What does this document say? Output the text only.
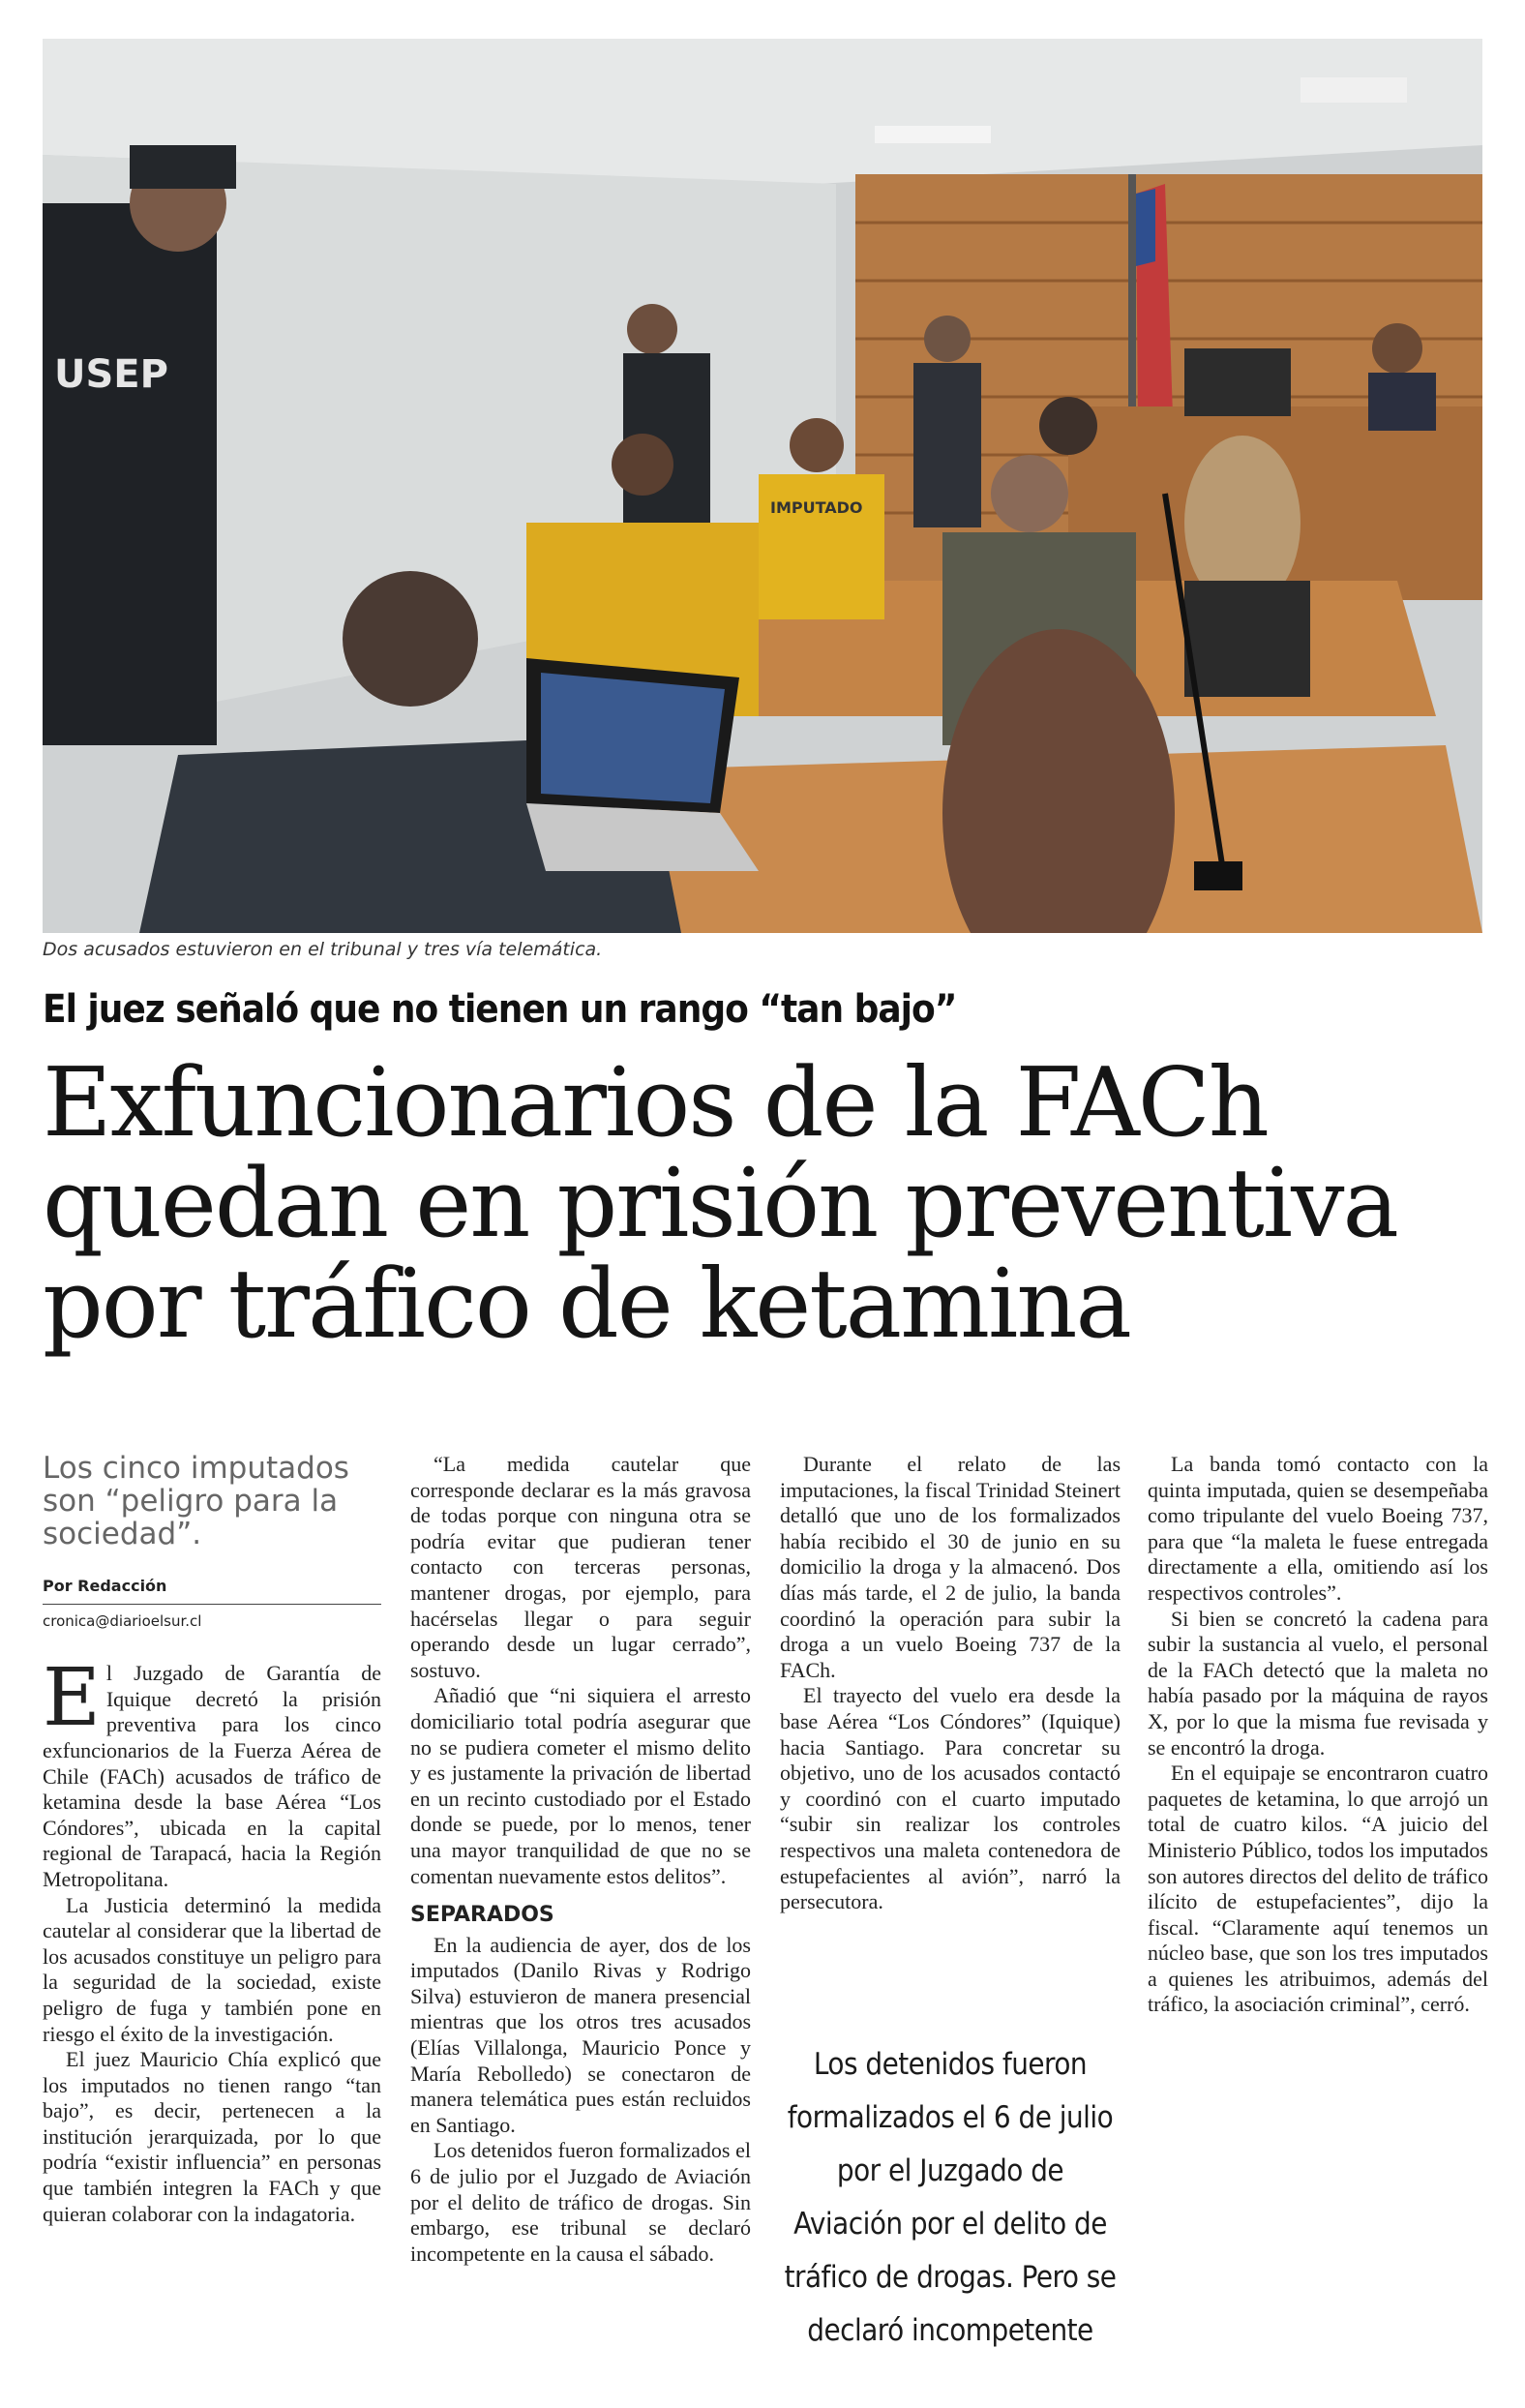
USEP
IMPUTADO
Dos acusados estuvieron en el tribunal y tres vía telemática.
El juez señaló que no tienen un rango “tan bajo”
Exfuncionarios de la FACh
quedan en prisión preventiva
por tráfico de ketamina
Los cinco imputados son “peligro para la sociedad”.
Por Redacción
cronica@diarioelsur.cl

El Juzgado de Garantía de Iquique decretó la prisión preventiva para los cinco exfuncionarios de la Fuerza Aérea de Chile (FACh) acusados de tráfico de ketamina desde la base Aérea “Los Cóndores”, ubicada en la capital regional de Tarapacá, hacia la Región Metropolitana.

La Justicia determinó la medida cautelar al considerar que la libertad de los acusados constituye un peligro para la seguridad de la sociedad, existe peligro de fuga y también pone en riesgo el éxito de la investigación.

El juez Mauricio Chía explicó que los imputados no tienen rango “tan bajo”, es decir, pertenecen a la institución jerarquizada, por lo que podría “existir influencia” en personas que también integren la FACh y que quieran colaborar con la indagatoria.

“La medida cautelar que corresponde declarar es la más gravosa de todas porque con ninguna otra se podría evitar que pudieran tener contacto con terceras personas, mantener drogas, por ejemplo, para hacérselas llegar o para seguir operando desde un lugar cerrado”, sostuvo.

Añadió que “ni siquiera el arresto domiciliario total podría asegurar que no se pudiera cometer el mismo delito y es justamente la privación de libertad en un recinto custodiado por el Estado donde se puede, por lo menos, tener una mayor tranquilidad de que no se comentan nuevamente estos delitos”.

SEPARADOS

En la audiencia de ayer, dos de los imputados (Danilo Rivas y Rodrigo Silva) estuvieron de manera presencial mientras que los otros tres acusados (Elías Villalonga, Mauricio Ponce y María Rebolledo) se conectaron de manera telemática pues están recluidos en Santiago.

Los detenidos fueron formalizados el 6 de julio por el Juzgado de Aviación por el delito de tráfico de drogas. Sin embargo, ese tribunal se declaró incompetente en la causa el sábado.

Durante el relato de las imputaciones, la fiscal Trinidad Steinert detalló que uno de los formalizados había recibido el 30 de junio en su domicilio la droga y la almacenó. Dos días más tarde, el 2 de julio, la banda coordinó la operación para subir la droga a un vuelo Boeing 737 de la FACh.

El trayecto del vuelo era desde la base Aérea “Los Cóndores” (Iquique) hacia Santiago. Para concretar su objetivo, uno de los acusados contactó y coordinó con el cuarto imputado “subir sin realizar los controles respectivos una maleta contenedora de estupefacientes al avión”, narró la persecutora.

La banda tomó contacto con la quinta imputada, quien se desempeñaba como tripulante del vuelo Boeing 737, para que “la maleta le fuese entregada directamente a ella, omitiendo así los respectivos controles”.

Si bien se concretó la cadena para subir la sustancia al vuelo, el personal de la FACh detectó que la maleta no había pasado por la máquina de rayos X, por lo que la misma fue revisada y se encontró la droga.

En el equipaje se encontraron cuatro paquetes de ketamina, lo que arrojó un total de cuatro kilos. “A juicio del Ministerio Público, todos los imputados son autores directos del delito de tráfico ilícito de estupefacientes”, dijo la fiscal. “Claramente aquí tenemos un núcleo base, que son los tres imputados a quienes les atribuimos, además del tráfico, la asociación criminal”, cerró.

Los detenidos fueron formalizados el 6 de julio por el Juzgado de Aviación por el delito de tráfico de drogas. Pero se declaró incompetente
